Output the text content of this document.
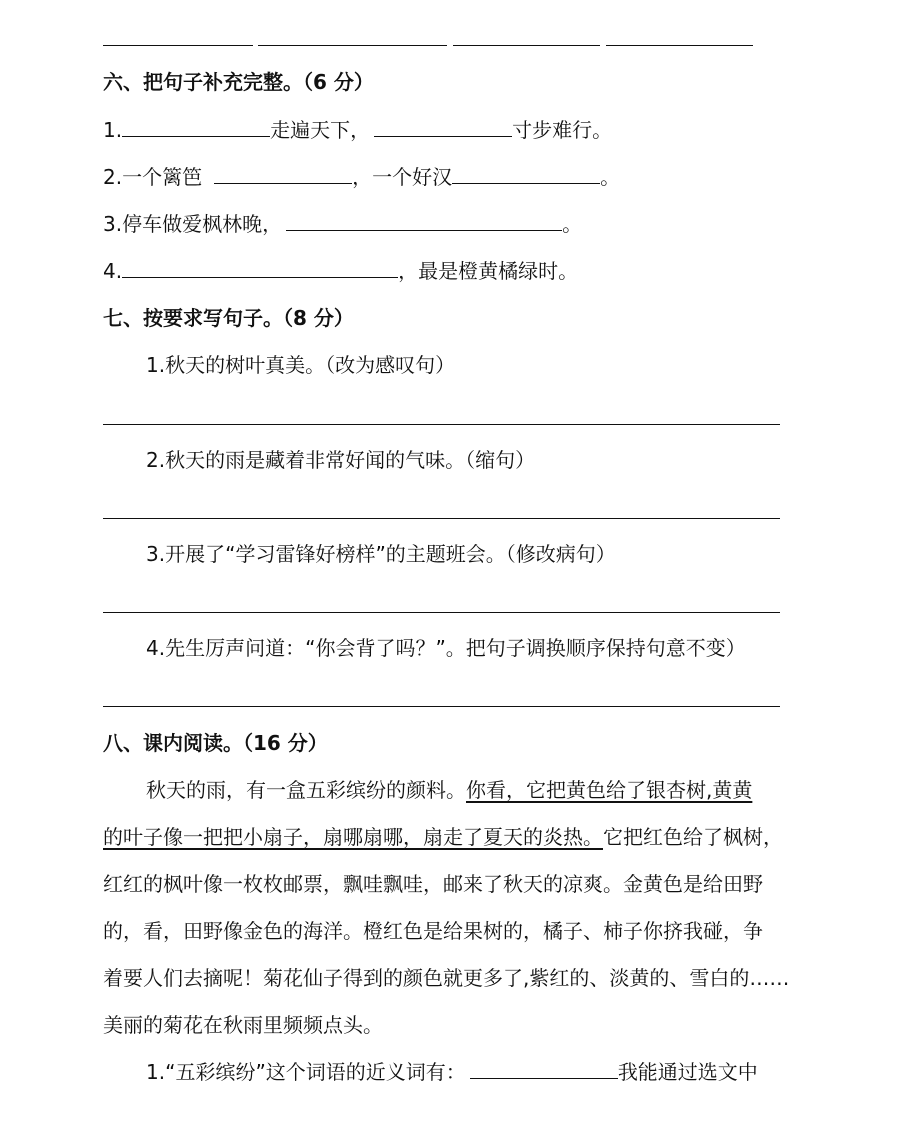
六、把句子补充完整。（6 分）
1.	走遍天下，	寸步难行。
2.一个篱笆	，一个好汉	。
3.停车做爱枫林晚，	。
4.	，最是橙黄橘绿时。
七、按要求写句子。（8 分）
1.秋天的树叶真美。（改为感叹句）
2.秋天的雨是藏着非常好闻的气味。（缩句）
3.开展了“学习雷锋好榜样”的主题班会。（修改病句）
4.先生厉声问道：“你会背了吗？”。把句子调换顺序保持句意不变）
八、课内阅读。（16 分）
秋天的雨，有一盒五彩缤纷的颜料。你看，它把黄色给了银杏树,黄黄
的叶子像一把把小扇子，扇哪扇哪，扇走了夏天的炎热。它把红色给了枫树，
红红的枫叶像一枚枚邮票，飘哇飘哇，邮来了秋天的凉爽。金黄色是给田野
的，看，田野像金色的海洋。橙红色是给果树的，橘子、柿子你挤我碰，争
着要人们去摘呢！菊花仙子得到的颜色就更多了,紫红的、淡黄的、雪白的……
美丽的菊花在秋雨里频频点头。
1.“五彩缤纷”这个词语的近义词有：	我能通过选文中
